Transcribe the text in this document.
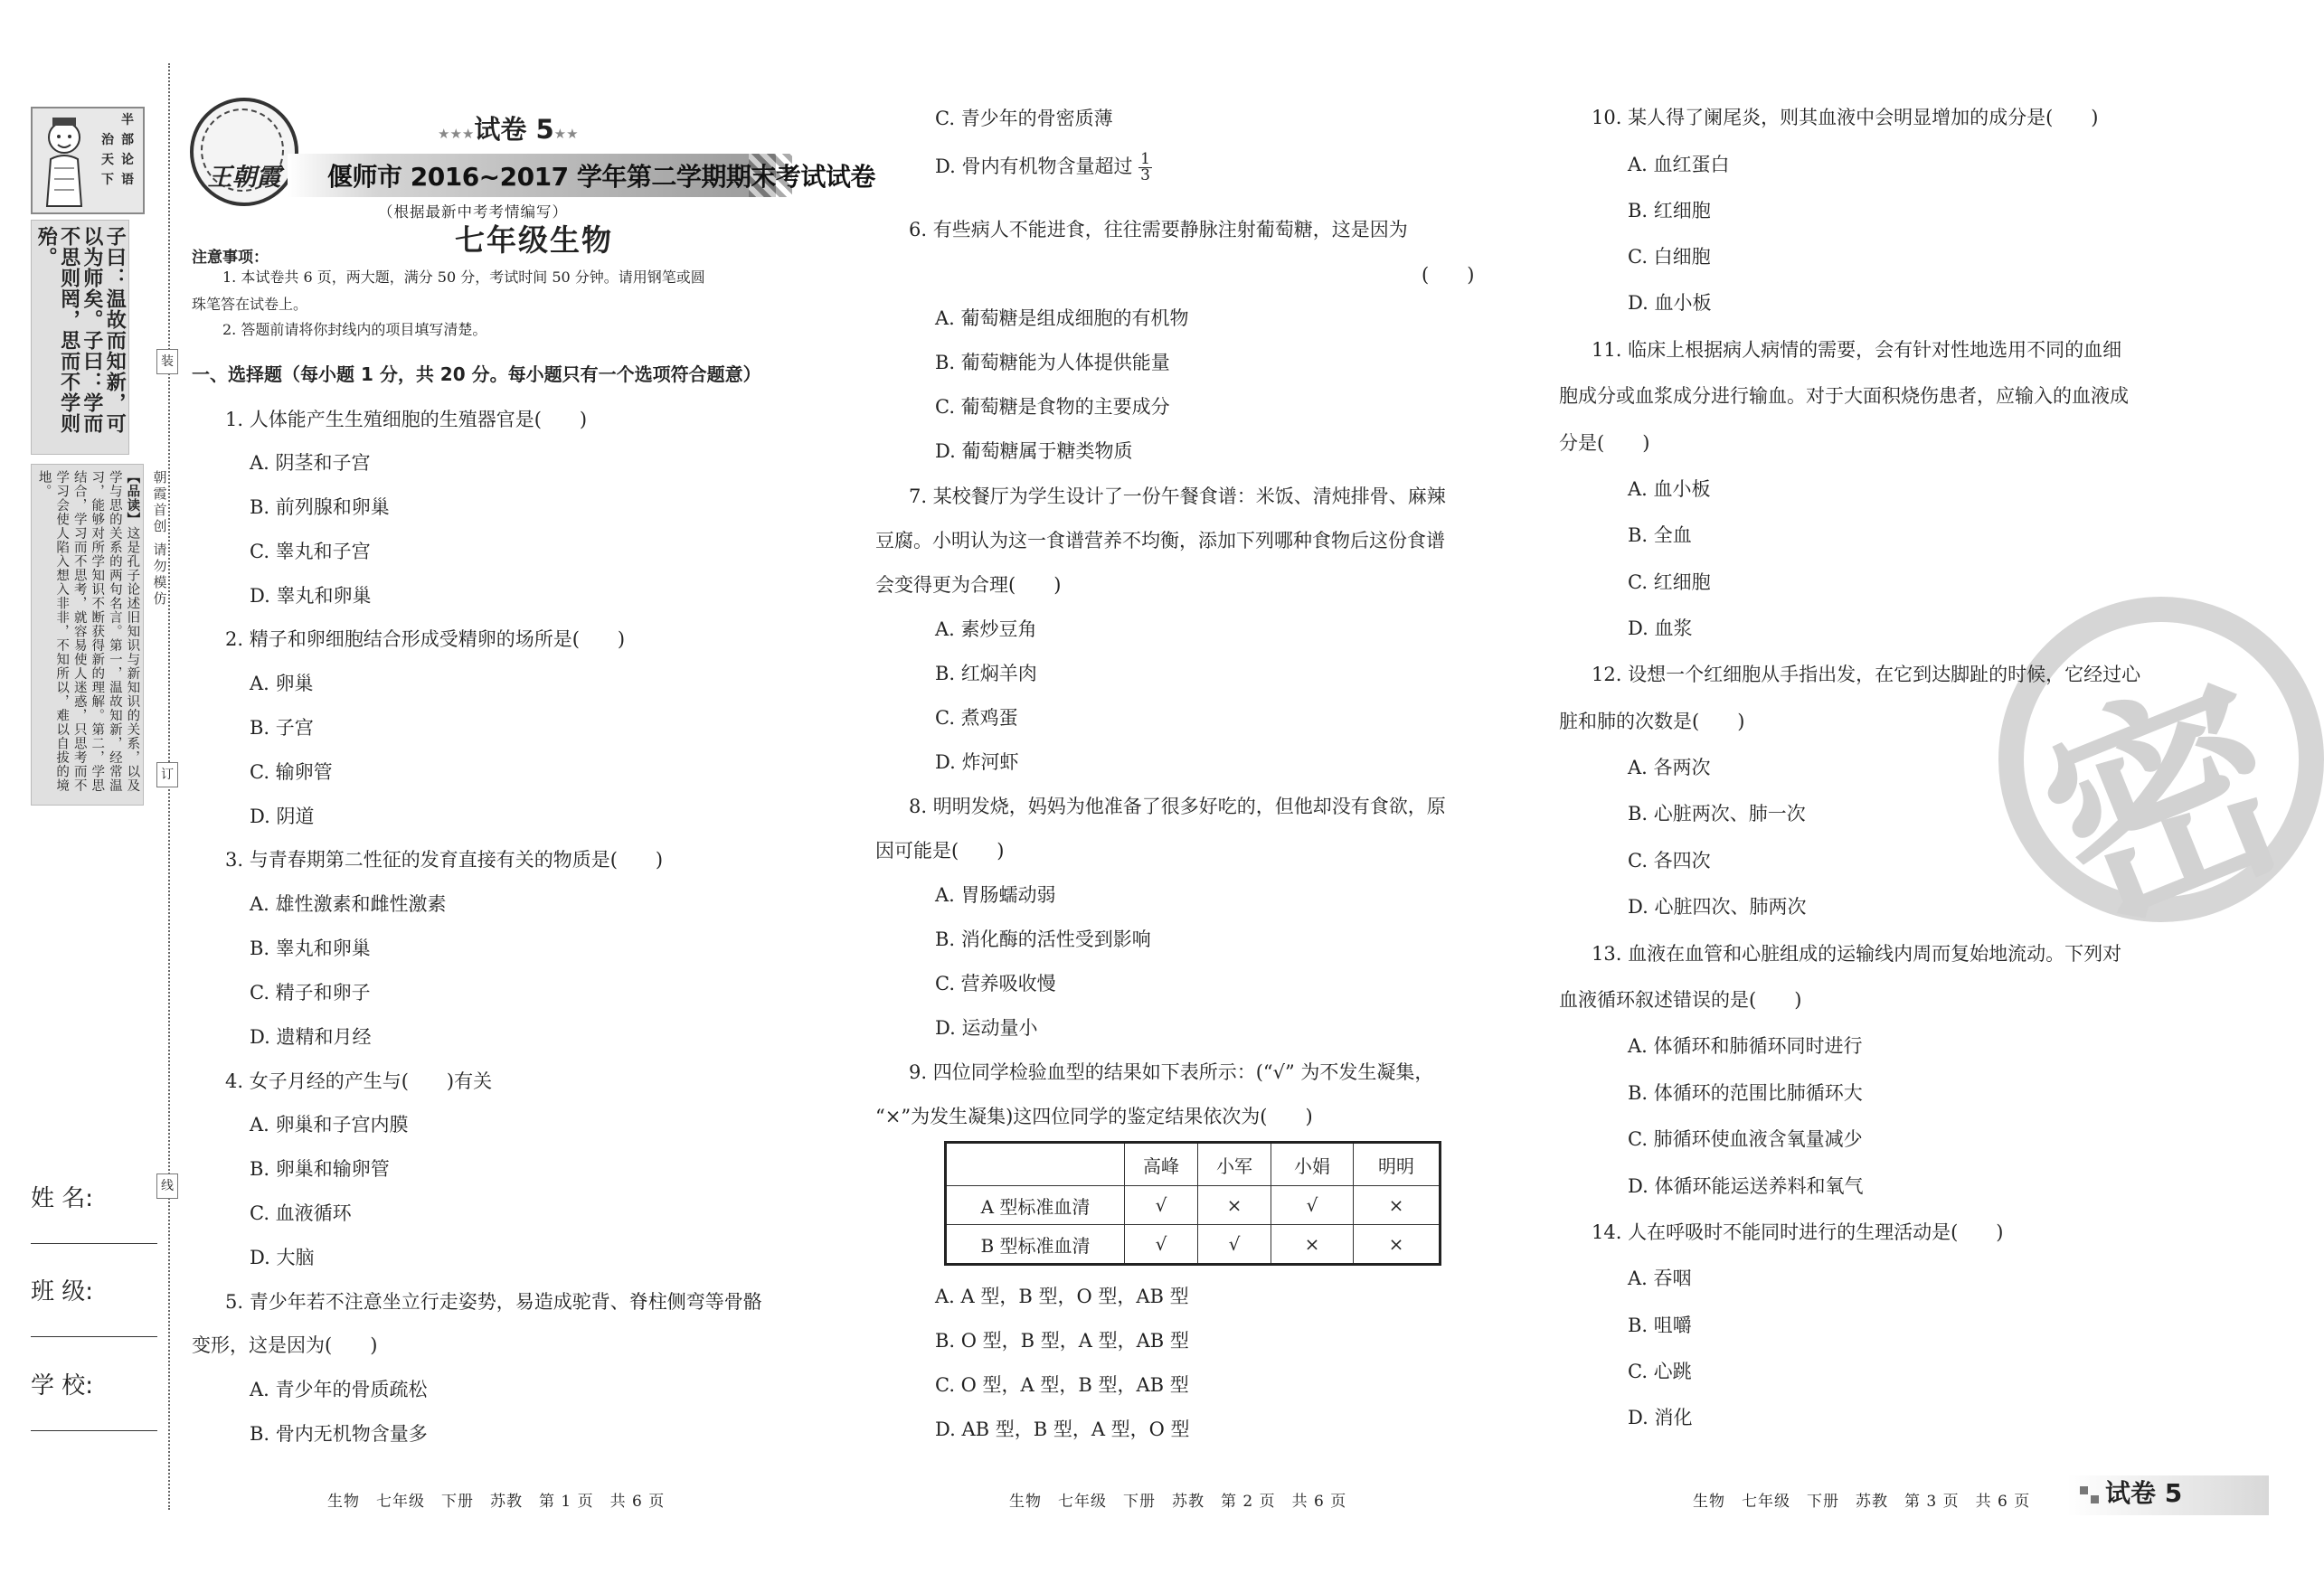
半
部
论
语
治
天
下
子曰：温故而知新，可以为师矣。子曰：学而不思则罔，思而不学则殆。
【品读】这是孔子论述旧知识与新知识的关系，以及学与思的关系的两句名言。第一，温故知新，经常温习，能够对所学知识不断获得新的理解。第二，学思结合，学习而不思考，就容易使人迷惑，只思考而不学习会使人陷入想入非非，不知所以，难以自拔的境地。
姓 名:
班 级:
学 校:
装
订
线
朝霞首创 请勿模仿
王朝霞
★★★试卷 5★★
偃师市 2016~2017 学年第二学期期末考试试卷
（根据最新中考考情编写）
七年级生物
注意事项：
1. 本试卷共 6 页，两大题，满分 50 分，考试时间 50 分钟。请用钢笔或圆
珠笔答在试卷上。
2. 答题前请将你封线内的项目填写清楚。
一、选择题（每小题 1 分，共 20 分。每小题只有一个选项符合题意）
1. 人体能产生生殖细胞的生殖器官是(　　)
A. 阴茎和子宫
B. 前列腺和卵巢
C. 睾丸和子宫
D. 睾丸和卵巢
2. 精子和卵细胞结合形成受精卵的场所是(　　)
A. 卵巢
B. 子宫
C. 输卵管
D. 阴道
3. 与青春期第二性征的发育直接有关的物质是(　　)
A. 雄性激素和雌性激素
B. 睾丸和卵巢
C. 精子和卵子
D. 遗精和月经
4. 女子月经的产生与(　　)有关
A. 卵巢和子宫内膜
B. 卵巢和输卵管
C. 血液循环
D. 大脑
5. 青少年若不注意坐立行走姿势，易造成驼背、脊柱侧弯等骨骼
变形，这是因为(　　)
A. 青少年的骨质疏松
B. 骨内无机物含量多
C. 青少年的骨密质薄
D. 骨内有机物含量超过 $\frac{1}{3}$
6. 有些病人不能进食，往往需要静脉注射葡萄糖，这是因为
(　　)
A. 葡萄糖是组成细胞的有机物
B. 葡萄糖能为人体提供能量
C. 葡萄糖是食物的主要成分
D. 葡萄糖属于糖类物质
7. 某校餐厅为学生设计了一份午餐食谱：米饭、清炖排骨、麻辣
豆腐。小明认为这一食谱营养不均衡，添加下列哪种食物后这份食谱
会变得更为合理(　　)
A. 素炒豆角
B. 红焖羊肉
C. 煮鸡蛋
D. 炸河虾
8. 明明发烧，妈妈为他准备了很多好吃的，但他却没有食欲，原
因可能是(　　)
A. 胃肠蠕动弱
B. 消化酶的活性受到影响
C. 营养吸收慢
D. 运动量小
9. 四位同学检验血型的结果如下表所示：(“√” 为不发生凝集，
“×”为发生凝集)这四位同学的鉴定结果依次为(　　)
	高峰	小军	小娟	明明
A 型标准血清	√	×	√	×
B 型标准血清	√	√	×	×
A. A 型，B 型，O 型，AB 型
B. O 型，B 型，A 型，AB 型
C. O 型，A 型，B 型，AB 型
D. AB 型，B 型，A 型，O 型
密
10. 某人得了阑尾炎，则其血液中会明显增加的成分是(　　)
A. 血红蛋白
B. 红细胞
C. 白细胞
D. 血小板
11. 临床上根据病人病情的需要，会有针对性地选用不同的血细
胞成分或血浆成分进行输血。对于大面积烧伤患者，应输入的血液成
分是(　　)
A. 血小板
B. 全血
C. 红细胞
D. 血浆
12. 设想一个红细胞从手指出发，在它到达脚趾的时候，它经过心
脏和肺的次数是(　　)
A. 各两次
B. 心脏两次、肺一次
C. 各四次
D. 心脏四次、肺两次
13. 血液在血管和心脏组成的运输线内周而复始地流动。下列对
血液循环叙述错误的是(　　)
A. 体循环和肺循环同时进行
B. 体循环的范围比肺循环大
C. 肺循环使血液含氧量减少
D. 体循环能运送养料和氧气
14. 人在呼吸时不能同时进行的生理活动是(　　)
A. 吞咽
B. 咀嚼
C. 心跳
D. 消化
生物　七年级　下册　苏教　第 1 页　共 6 页	生物　七年级　下册　苏教　第 2 页　共 6 页	生物　七年级　下册　苏教　第 3 页　共 6 页	试卷 5
